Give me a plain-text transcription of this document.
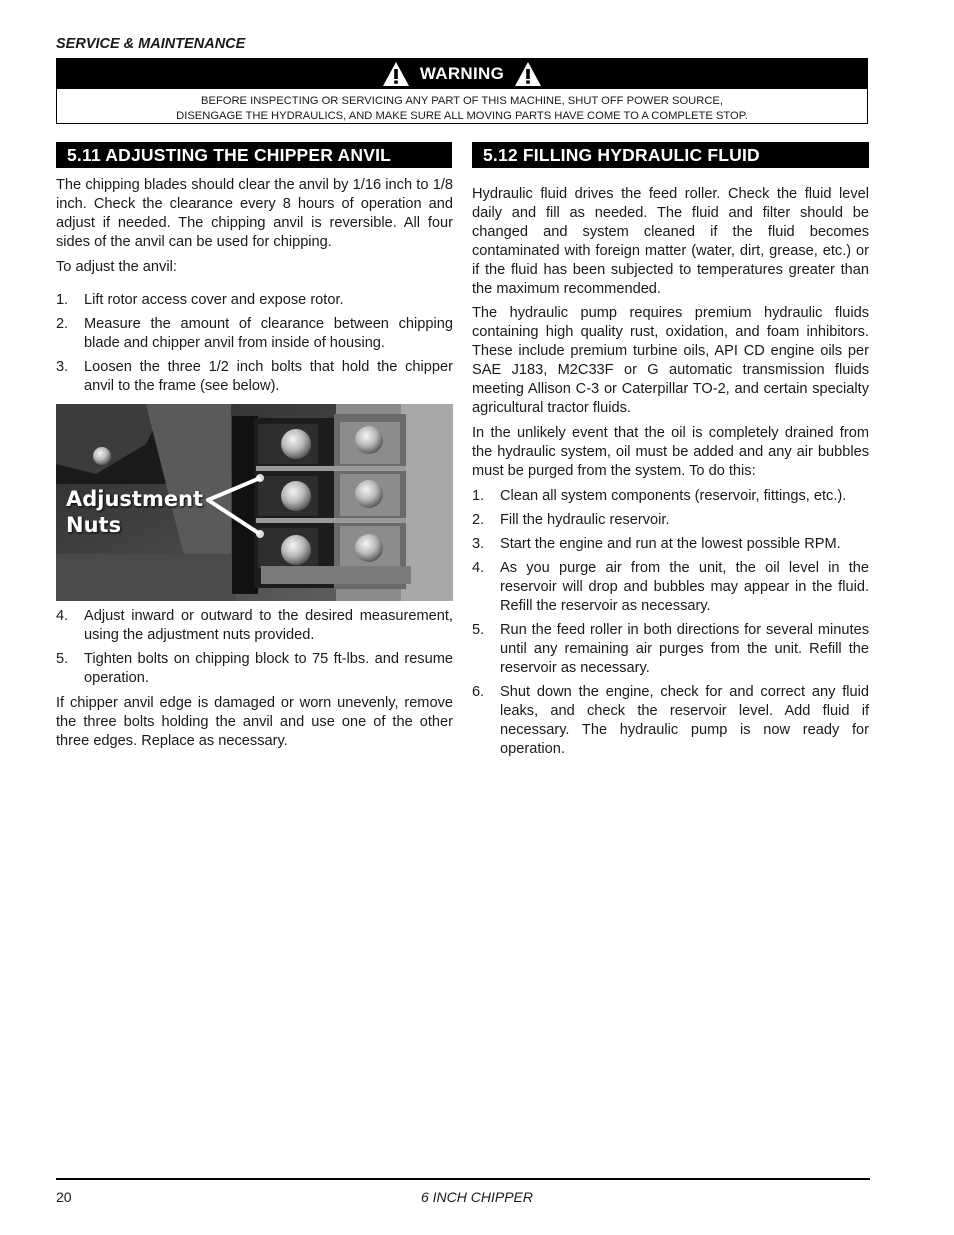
SERVICE & MAINTENANCE
WARNING
BEFORE INSPECTING OR SERVICING ANY PART OF THIS MACHINE, SHUT OFF POWER SOURCE,
DISENGAGE THE HYDRAULICS, AND MAKE SURE ALL MOVING PARTS HAVE COME TO A COMPLETE STOP.
5.11 ADJUSTING THE CHIPPER ANVIL

The chipping blades should clear the anvil by 1/16 inch to 1/8 inch. Check the clearance every 8 hours of operation and adjust if needed. The chipping anvil is reversible. All four sides of the anvil can be used for chipping.

To adjust the anvil:

1. Lift rotor access cover and expose rotor.
2. Measure the amount of clearance between chipping blade and chipper anvil from inside of housing.
3. Loosen the three 1/2 inch bolts that hold the chipper anvil to the frame (see below).
Adjustment
Nuts
4. Adjust inward or outward to the desired measurement, using the adjustment nuts provided.
5. Tighten bolts on chipping block to 75 ft-lbs. and resume operation.

If chipper anvil edge is damaged or worn unevenly, remove the three bolts holding the anvil and use one of the other three edges. Replace as necessary.

5.12 FILLING HYDRAULIC FLUID

Hydraulic fluid drives the feed roller. Check the fluid level daily and fill as needed. The fluid and filter should be changed and system cleaned if the fluid becomes contaminated with foreign matter (water, dirt, grease, etc.) or if the fluid has been subjected to temperatures greater than the maximum recommended.

The hydraulic pump requires premium hydraulic fluids containing high quality rust, oxidation, and foam inhibitors. These include premium turbine oils, API CD engine oils per SAE J183, M2C33F or G automatic transmission fluids meeting Allison C-3 or Caterpillar TO-2, and certain specialty agricultural tractor fluids.

In the unlikely event that the oil is completely drained from the hydraulic system, oil must be added and any air bubbles must be purged from the system. To do this:

1. Clean all system components (reservoir, fittings, etc.).
2. Fill the hydraulic reservoir.
3. Start the engine and run at the lowest possible RPM.
4. As you purge air from the unit, the oil level in the reservoir will drop and bubbles may appear in the fluid. Refill the reservoir as necessary.
5. Run the feed roller in both directions for several minutes until any remaining air purges from the unit. Refill the reservoir as necessary.
6. Shut down the engine, check for and correct any fluid leaks, and check the reservoir level. Add fluid if necessary. The hydraulic pump is now ready for operation.
20	6 INCH CHIPPER
